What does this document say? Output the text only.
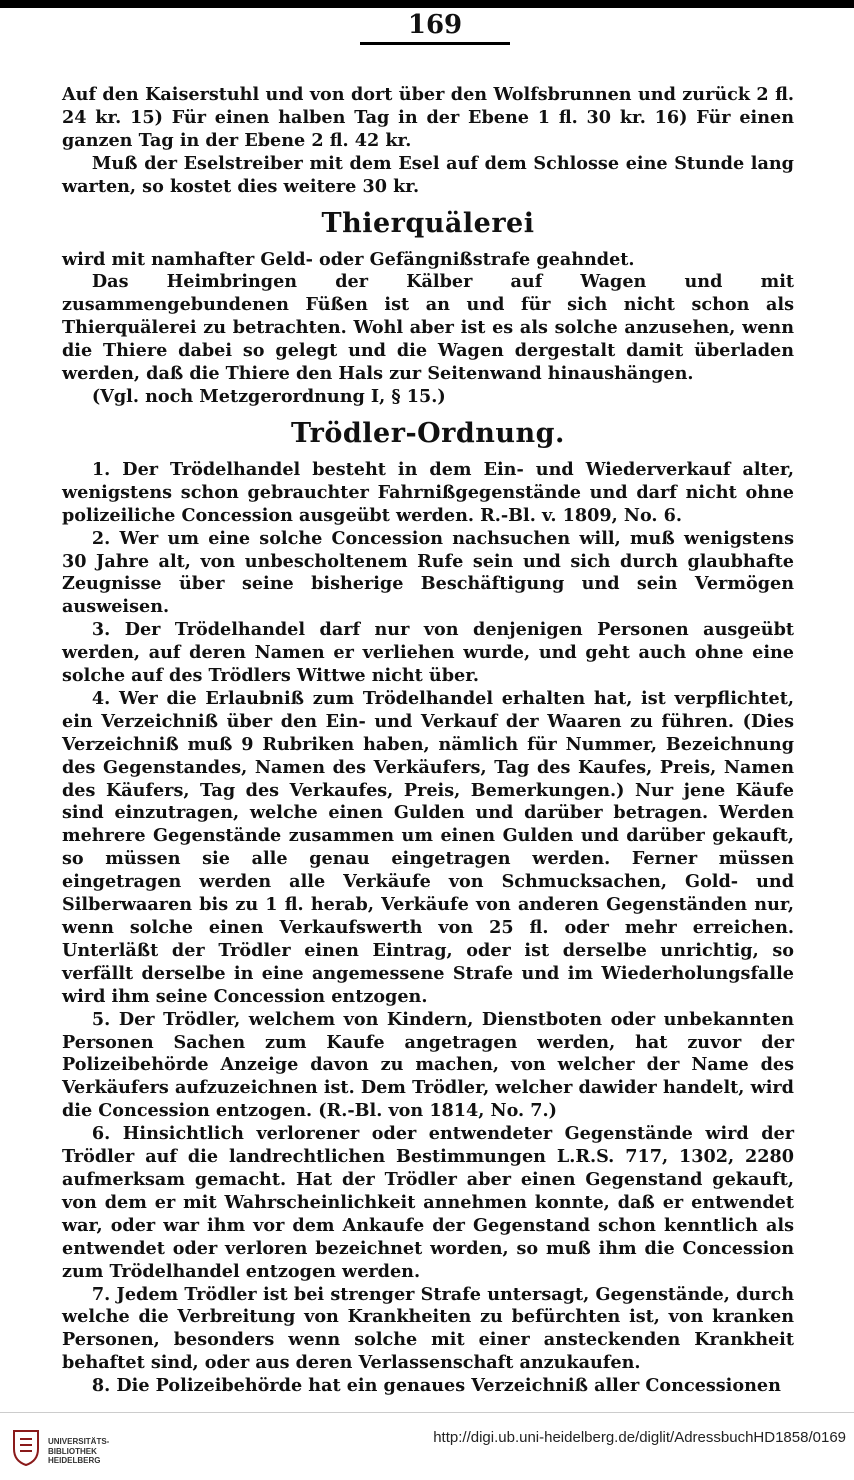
169

Auf den Kaiserstuhl und von dort über den Wolfsbrunnen und zurück 2 fl. 24 kr. 15) Für einen halben Tag in der Ebene 1 fl. 30 kr. 16) Für einen ganzen Tag in der Ebene 2 fl. 42 kr.

Muß der Eselstreiber mit dem Esel auf dem Schlosse eine Stunde lang warten, so kostet dies weitere 30 kr.

Thierquälerei

wird mit namhafter Geld- oder Gefängnißstrafe geahndet.

Das Heimbringen der Kälber auf Wagen und mit zusammengebundenen Füßen ist an und für sich nicht schon als Thierquälerei zu betrachten. Wohl aber ist es als solche anzusehen, wenn die Thiere dabei so gelegt und die Wagen dergestalt damit überladen werden, daß die Thiere den Hals zur Seitenwand hinaushängen.

(Vgl. noch Metzgerordnung I, § 15.)

Trödler-Ordnung.

1. Der Trödelhandel besteht in dem Ein- und Wiederverkauf alter, wenigstens schon gebrauchter Fahrnißgegenstände und darf nicht ohne polizeiliche Concession ausgeübt werden. R.-Bl. v. 1809, No. 6.

2. Wer um eine solche Concession nachsuchen will, muß wenigstens 30 Jahre alt, von unbescholtenem Rufe sein und sich durch glaubhafte Zeugnisse über seine bisherige Beschäftigung und sein Vermögen ausweisen.

3. Der Trödelhandel darf nur von denjenigen Personen ausgeübt werden, auf deren Namen er verliehen wurde, und geht auch ohne eine solche auf des Trödlers Wittwe nicht über.

4. Wer die Erlaubniß zum Trödelhandel erhalten hat, ist verpflichtet, ein Verzeichniß über den Ein- und Verkauf der Waaren zu führen. (Dies Verzeichniß muß 9 Rubriken haben, nämlich für Nummer, Bezeichnung des Gegenstandes, Namen des Verkäufers, Tag des Kaufes, Preis, Namen des Käufers, Tag des Verkaufes, Preis, Bemerkungen.) Nur jene Käufe sind einzutragen, welche einen Gulden und darüber betragen. Werden mehrere Gegenstände zusammen um einen Gulden und darüber gekauft, so müssen sie alle genau eingetragen werden. Ferner müssen eingetragen werden alle Verkäufe von Schmucksachen, Gold- und Silberwaaren bis zu 1 fl. herab, Verkäufe von anderen Gegenständen nur, wenn solche einen Verkaufswerth von 25 fl. oder mehr erreichen. Unterläßt der Trödler einen Eintrag, oder ist derselbe unrichtig, so verfällt derselbe in eine angemessene Strafe und im Wiederholungsfalle wird ihm seine Concession entzogen.

5. Der Trödler, welchem von Kindern, Dienstboten oder unbekannten Personen Sachen zum Kaufe angetragen werden, hat zuvor der Polizeibehörde Anzeige davon zu machen, von welcher der Name des Verkäufers aufzuzeichnen ist. Dem Trödler, welcher dawider handelt, wird die Concession entzogen. (R.-Bl. von 1814, No. 7.)

6. Hinsichtlich verlorener oder entwendeter Gegenstände wird der Trödler auf die landrechtlichen Bestimmungen L.R.S. 717, 1302, 2280 aufmerksam gemacht. Hat der Trödler aber einen Gegenstand gekauft, von dem er mit Wahrscheinlichkeit annehmen konnte, daß er entwendet war, oder war ihm vor dem Ankaufe der Gegenstand schon kenntlich als entwendet oder verloren bezeichnet worden, so muß ihm die Concession zum Trödelhandel entzogen werden.

7. Jedem Trödler ist bei strenger Strafe untersagt, Gegenstände, durch welche die Verbreitung von Krankheiten zu befürchten ist, von kranken Personen, besonders wenn solche mit einer ansteckenden Krankheit behaftet sind, oder aus deren Verlassenschaft anzukaufen.

8. Die Polizeibehörde hat ein genaues Verzeichniß aller Concessionen

UNIVERSITÄTS-
BIBLIOTHEK
HEIDELBERG
http://digi.ub.uni-heidelberg.de/diglit/AdressbuchHD1858/0169
